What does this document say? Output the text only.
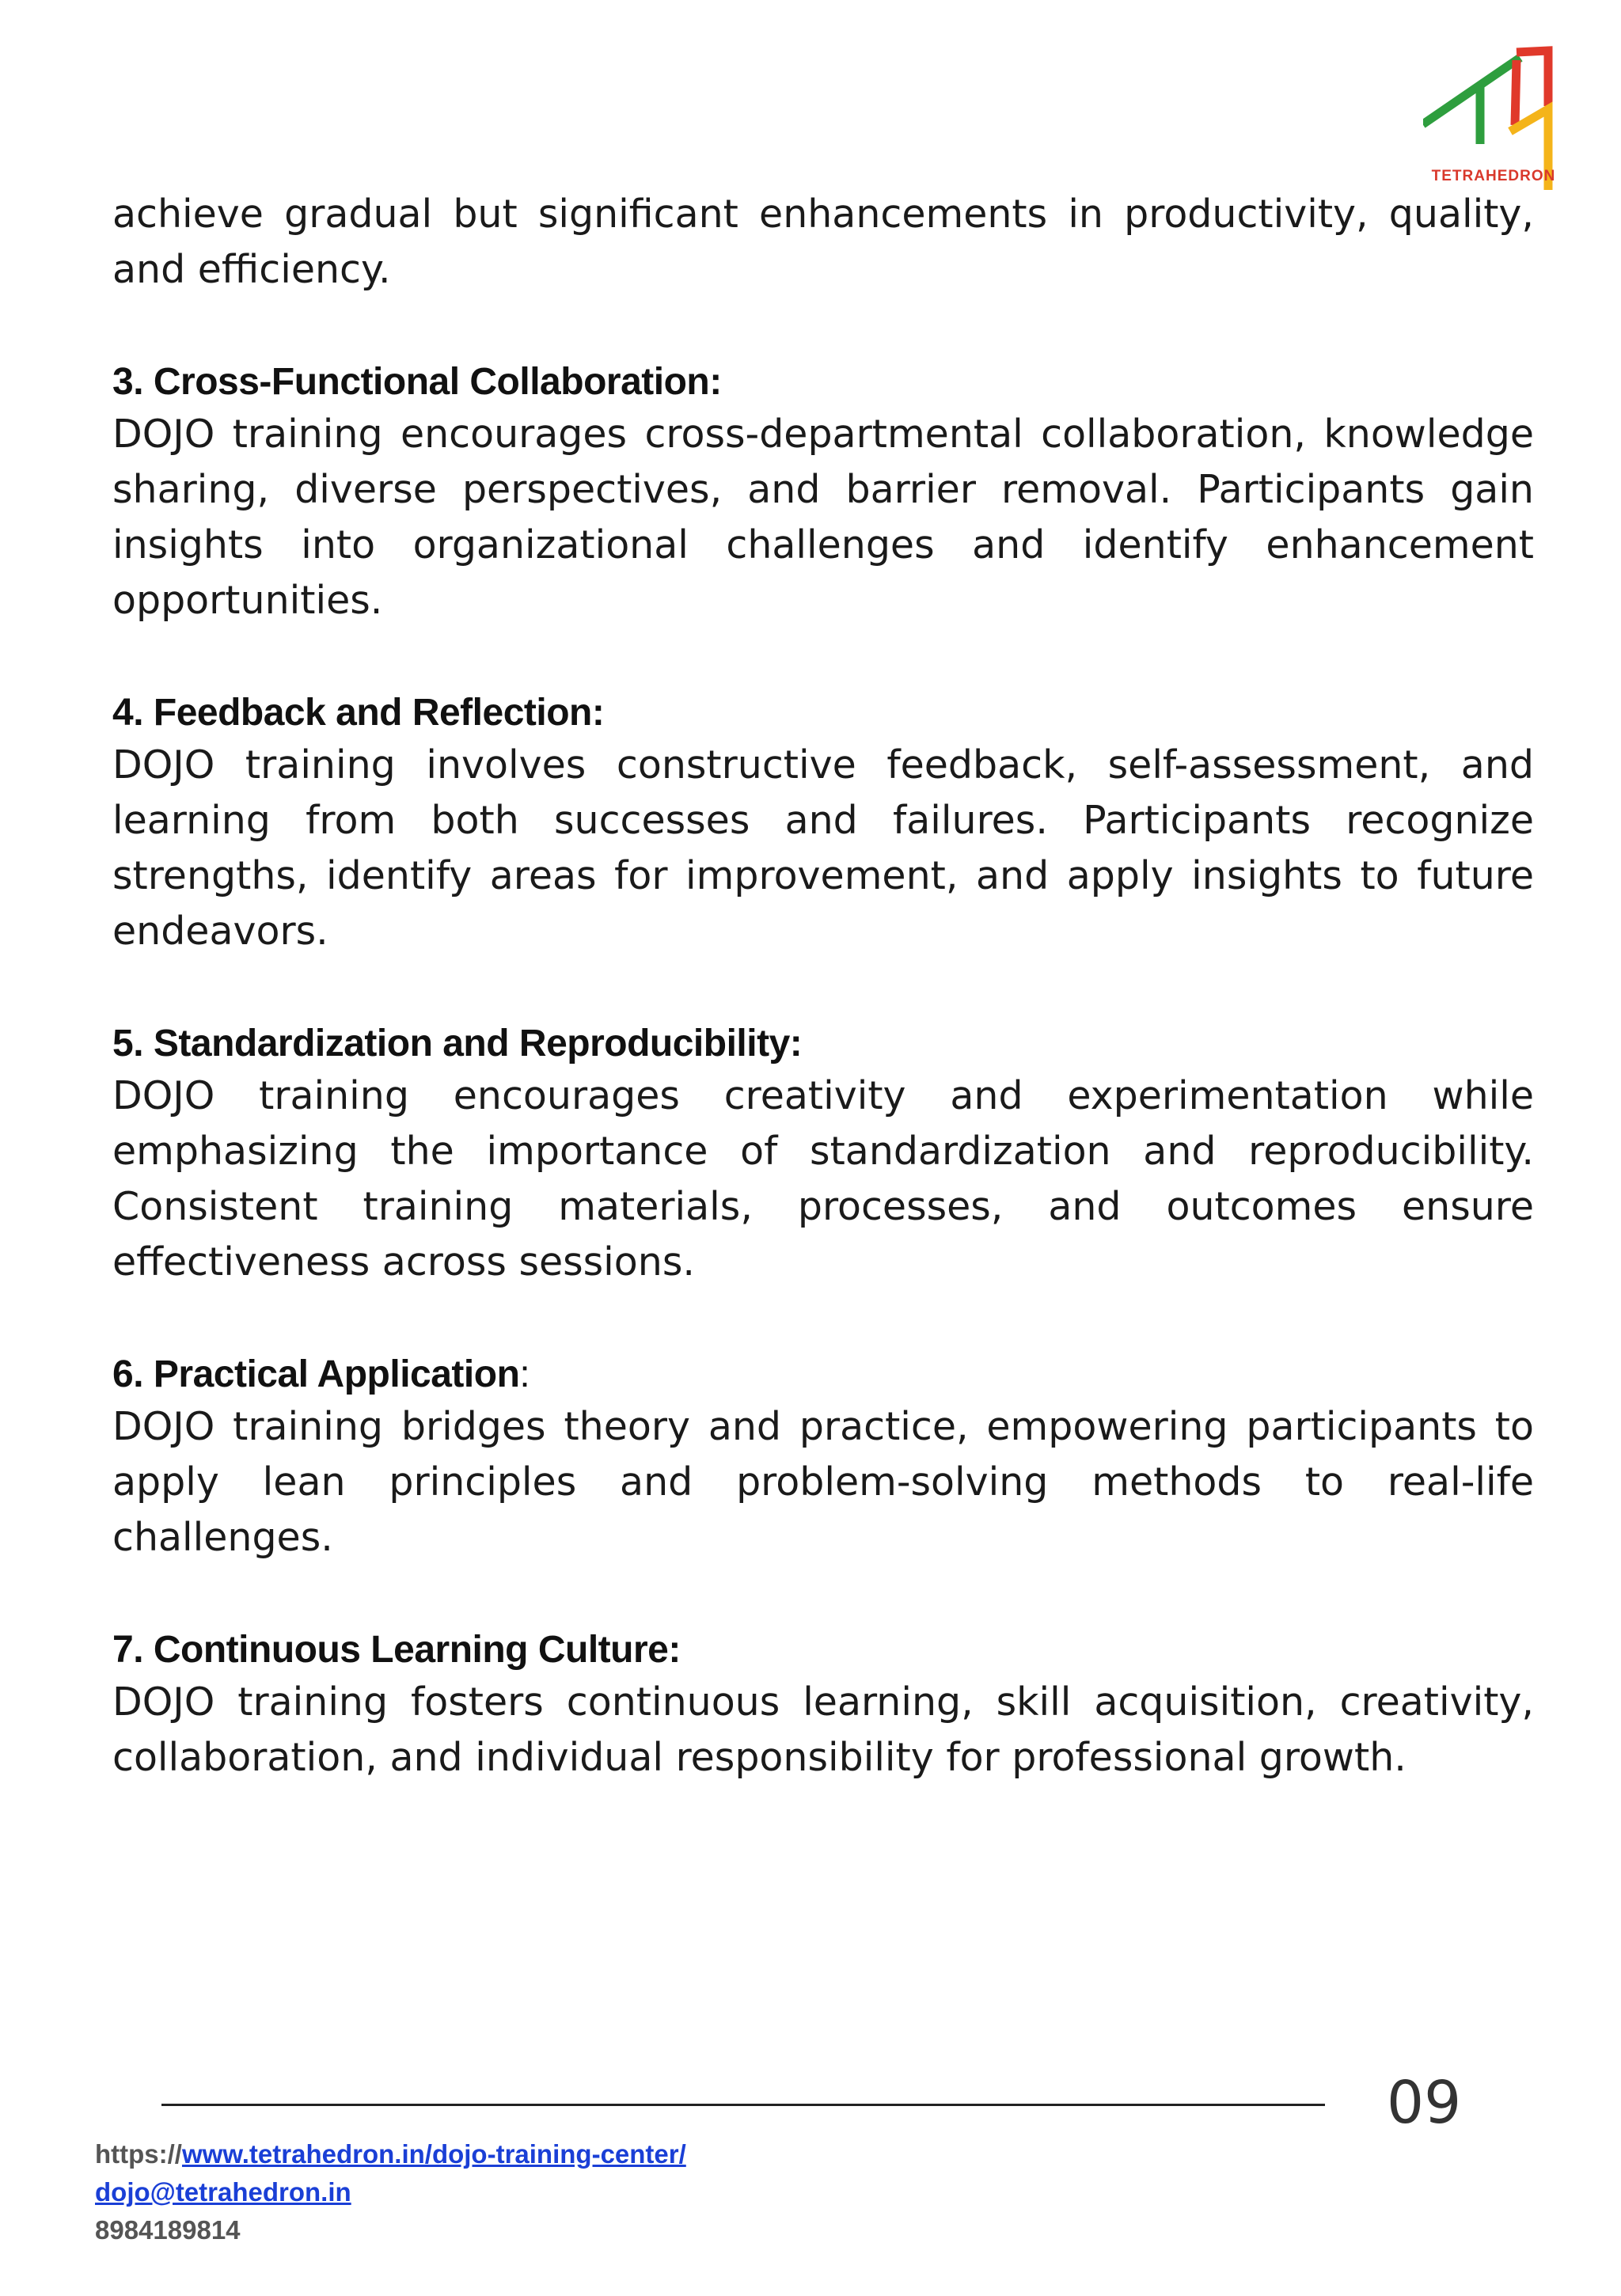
TETRAHEDRON

achieve gradual but significant enhancements in productivity, quality, and efficiency.

3. Cross-Functional Collaboration:

DOJO training encourages cross-departmental collaboration, knowledge sharing, diverse perspectives, and barrier removal. Participants gain insights into organizational challenges and identify enhancement opportunities.

4. Feedback and Reflection:

DOJO training involves constructive feedback, self-assessment, and learning from both successes and failures. Participants recognize strengths, identify areas for improvement, and apply insights to future endeavors.

5. Standardization and Reproducibility:

DOJO training encourages creativity and experimentation while emphasizing the importance of standardization and reproducibility. Consistent training materials, processes, and outcomes ensure effectiveness across sessions.

6. Practical Application:

DOJO training bridges theory and practice, empowering participants to apply lean principles and problem-solving methods to real-life challenges.

7. Continuous Learning Culture:

DOJO training fosters continuous learning, skill acquisition, creativity, collaboration, and individual responsibility for professional growth.

09
https://www.tetrahedron.in/dojo-training-center/
dojo@tetrahedron.in
8984189814
